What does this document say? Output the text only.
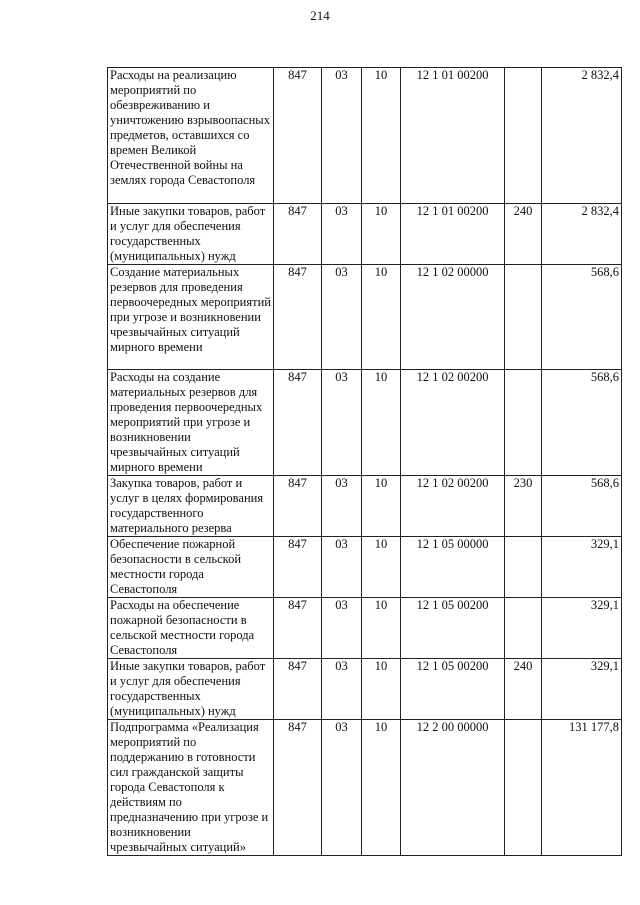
214
Расходы на реализацию мероприятий по обезвреживанию и уничтожению взрывоопасных предметов, оставшихся со времен Великой Отечественной войны на землях города Севастополя	847	03	10	12 1 01 00200		2 832,4
Иные закупки товаров, работ и услуг для обеспечения государственных (муниципальных) нужд	847	03	10	12 1 01 00200	240	2 832,4
Создание материальных резервов для проведения первоочередных мероприятий при угрозе и возникновении чрезвычайных ситуаций мирного времени	847	03	10	12 1 02 00000		568,6
Расходы на создание материальных резервов для проведения первоочередных мероприятий при угрозе и возникновении чрезвычайных ситуаций мирного времени	847	03	10	12 1 02 00200		568,6
Закупка товаров, работ и услуг в целях формирования государственного материального резерва	847	03	10	12 1 02 00200	230	568,6
Обеспечение пожарной безопасности в сельской местности города Севастополя	847	03	10	12 1 05 00000		329,1
Расходы на обеспечение пожарной безопасности в сельской местности города Севастополя	847	03	10	12 1 05 00200		329,1
Иные закупки товаров, работ и услуг для обеспечения государственных (муниципальных) нужд	847	03	10	12 1 05 00200	240	329,1
Подпрограмма «Реализация мероприятий по поддержанию в готовности сил гражданской защиты города Севастополя к действиям по предназначению при угрозе и возникновении чрезвычайных ситуаций»	847	03	10	12 2 00 00000		131 177,8
